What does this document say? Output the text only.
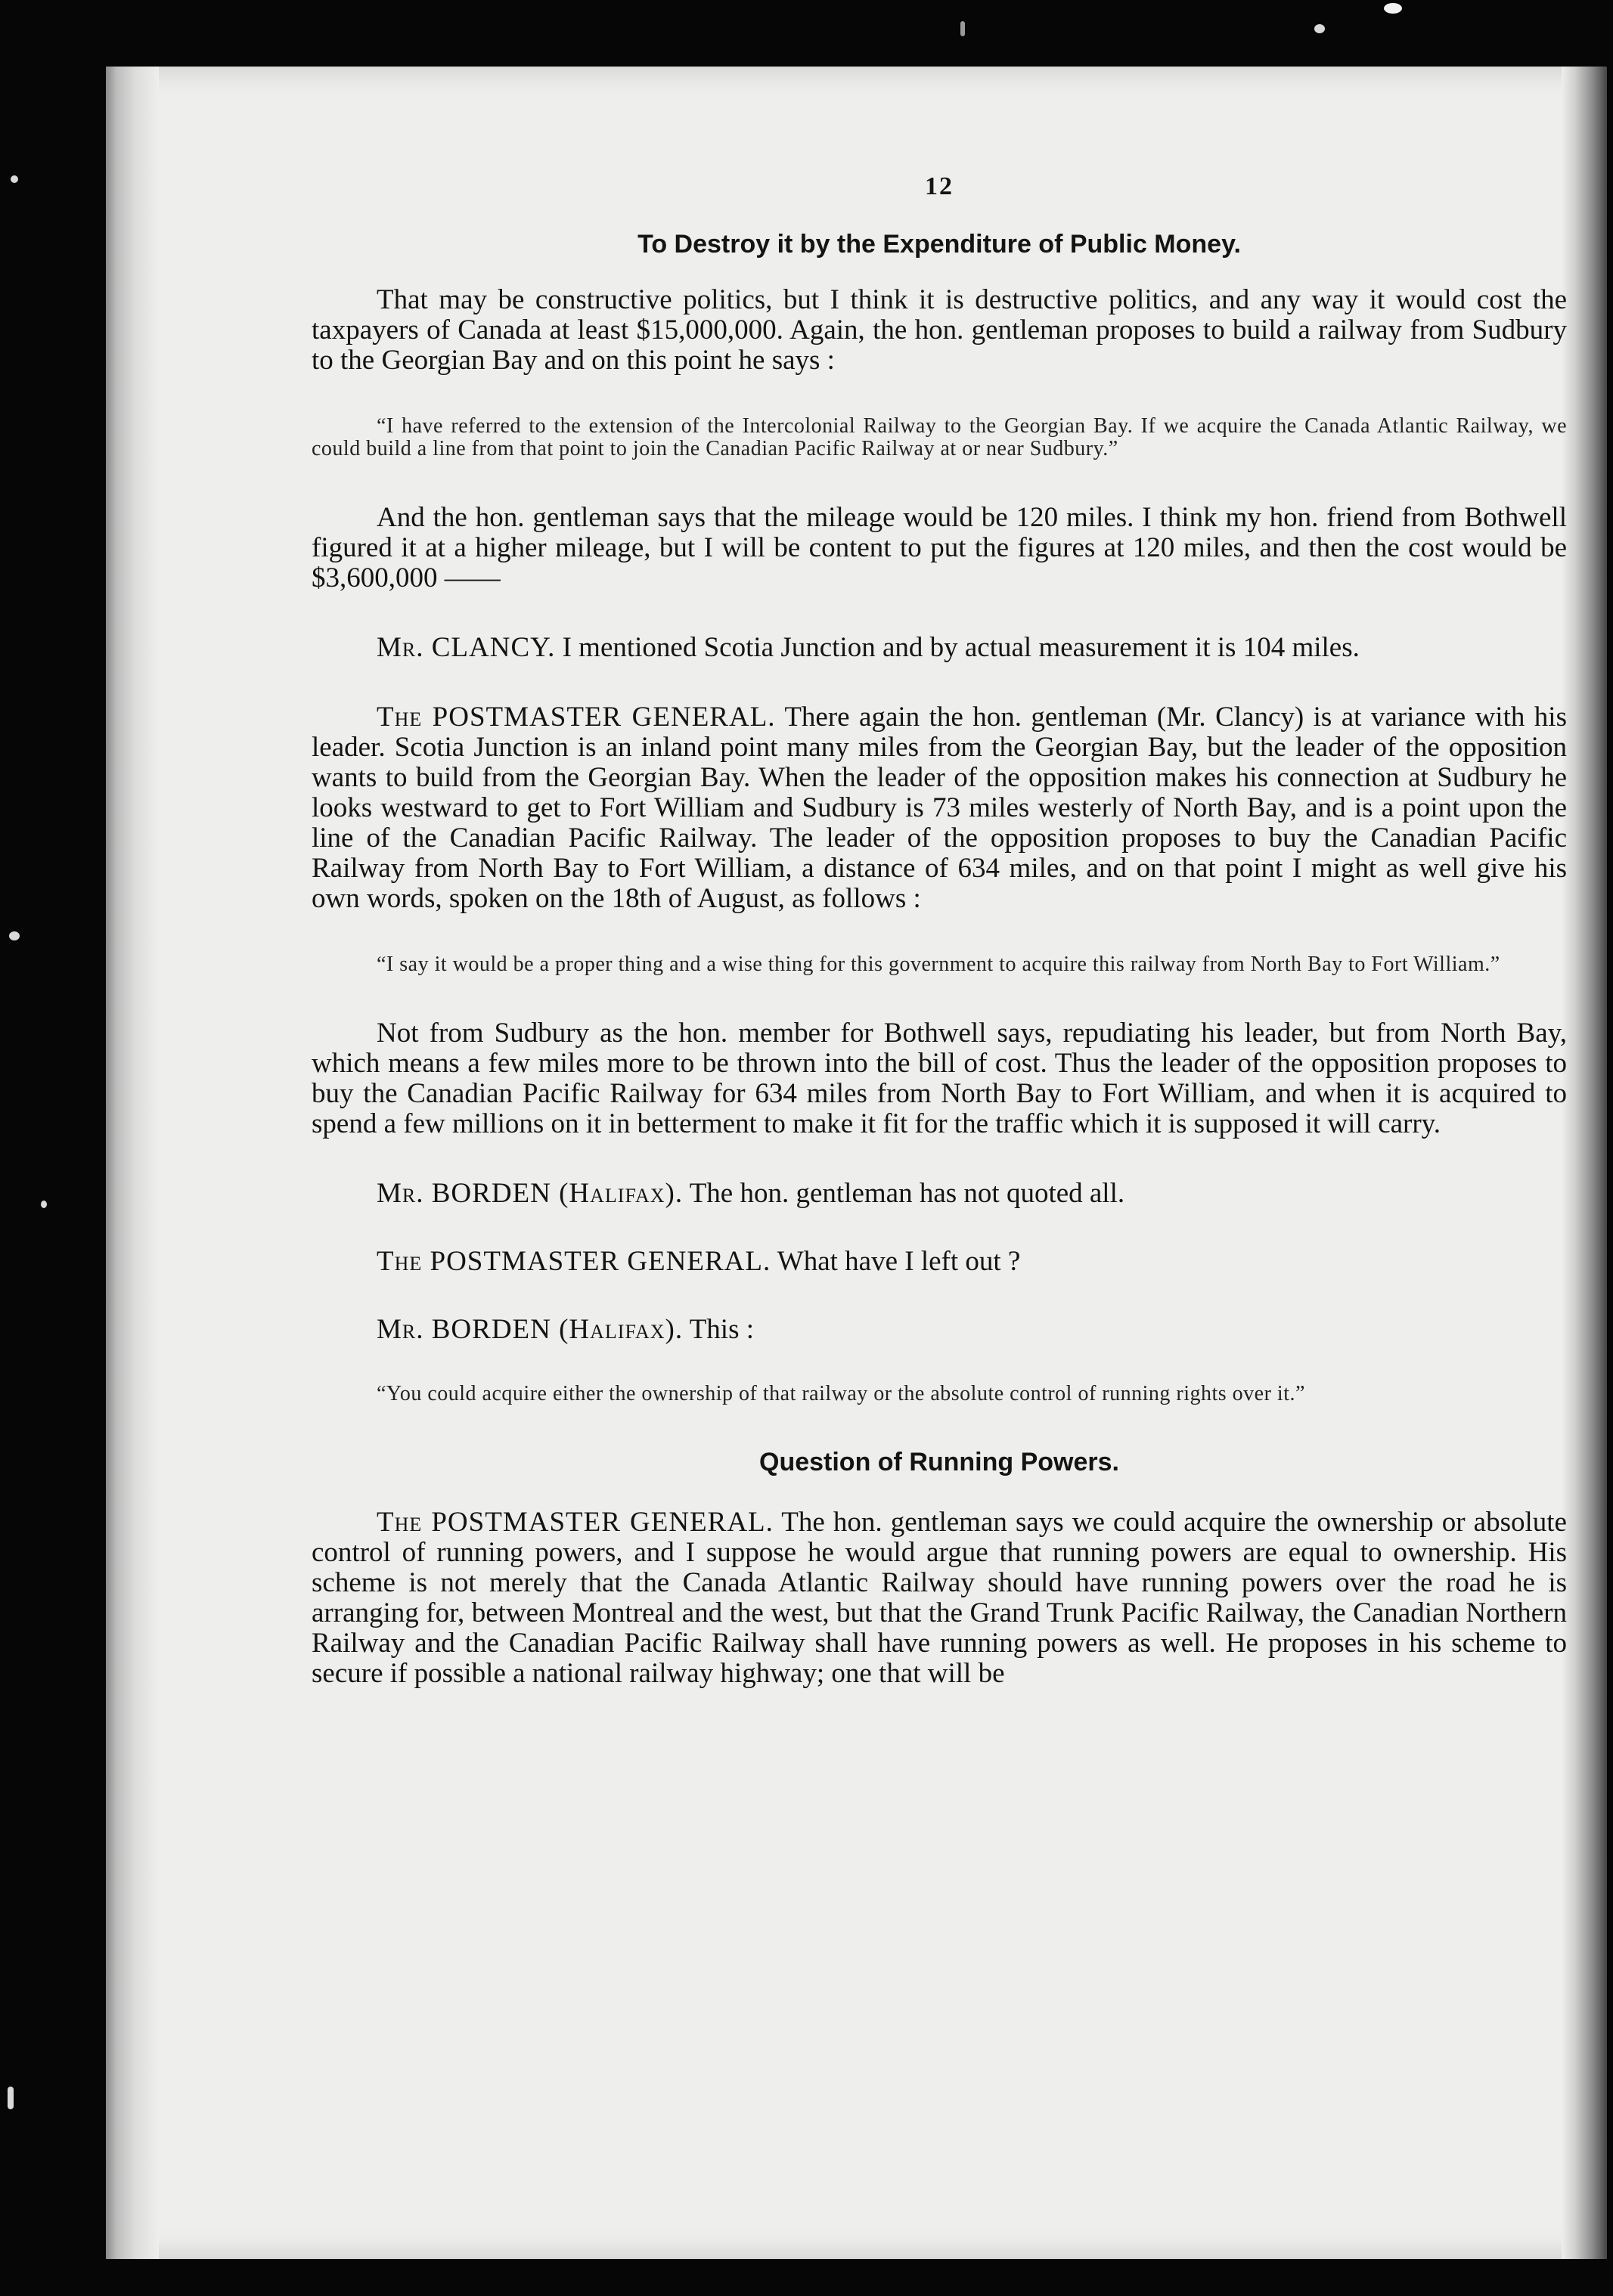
12
To Destroy it by the Expenditure of Public Money.

That may be constructive politics, but I think it is destructive politics, and any way it would cost the taxpayers of Canada at least $15,000,000. Again, the hon. gentleman proposes to build a railway from Sudbury to the Georgian Bay and on this point he says :

“I have referred to the extension of the Intercolonial Railway to the Georgian Bay. If we acquire the Canada Atlantic Railway, we could build a line from that point to join the Canadian Pacific Railway at or near Sudbury.”

And the hon. gentleman says that the mileage would be 120 miles. I think my hon. friend from Bothwell figured it at a higher mileage, but I will be content to put the figures at 120 miles, and then the cost would be $3,600,000 ——

Mr. CLANCY. I mentioned Scotia Junction and by actual measurement it is 104 miles.

The POSTMASTER GENERAL. There again the hon. gentleman (Mr. Clancy) is at variance with his leader. Scotia Junction is an inland point many miles from the Georgian Bay, but the leader of the opposition wants to build from the Georgian Bay. When the leader of the opposition makes his connection at Sudbury he looks westward to get to Fort William and Sudbury is 73 miles westerly of North Bay, and is a point upon the line of the Canadian Pacific Railway. The leader of the opposition proposes to buy the Canadian Pacific Railway from North Bay to Fort William, a distance of 634 miles, and on that point I might as well give his own words, spoken on the 18th of August, as follows :

“I say it would be a proper thing and a wise thing for this government to acquire this railway from North Bay to Fort William.”

Not from Sudbury as the hon. member for Bothwell says, repudiating his leader, but from North Bay, which means a few miles more to be thrown into the bill of cost. Thus the leader of the opposition proposes to buy the Canadian Pacific Railway for 634 miles from North Bay to Fort William, and when it is acquired to spend a few millions on it in betterment to make it fit for the traffic which it is supposed it will carry.

Mr. BORDEN (Halifax). The hon. gentleman has not quoted all.

The POSTMASTER GENERAL. What have I left out ?

Mr. BORDEN (Halifax). This :

“You could acquire either the ownership of that railway or the absolute control of running rights over it.”

Question of Running Powers.

The POSTMASTER GENERAL. The hon. gentleman says we could acquire the ownership or absolute control of running powers, and I suppose he would argue that running powers are equal to ownership. His scheme is not merely that the Canada Atlantic Railway should have running powers over the road he is arranging for, between Montreal and the west, but that the Grand Trunk Pacific Railway, the Canadian Northern Railway and the Canadian Pacific Railway shall have running powers as well. He proposes in his scheme to secure if possible a national railway highway; one that will be
